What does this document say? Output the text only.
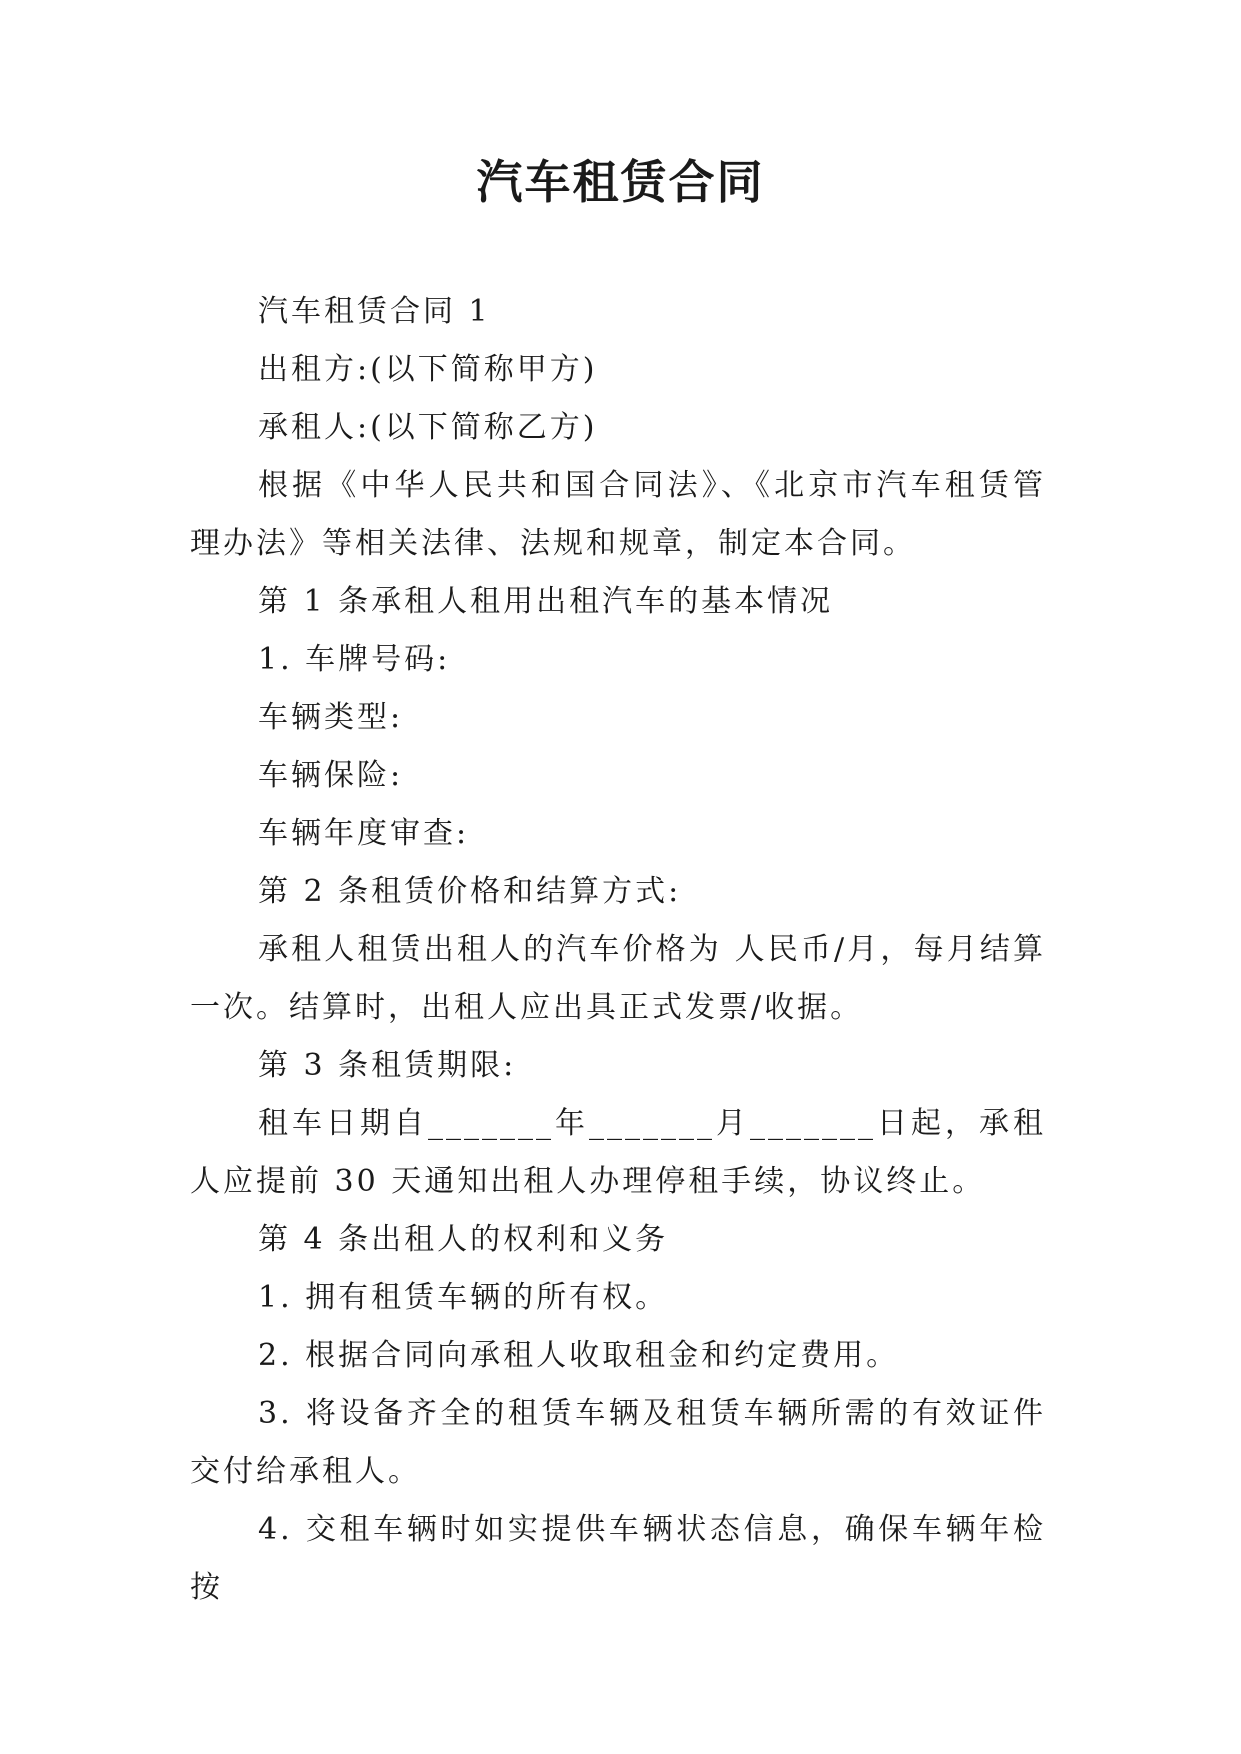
汽车租赁合同

汽车租赁合同 1

出租方:(以下简称甲方)

承租人:(以下简称乙方)

根据《中华人民共和国合同法》、《北京市汽车租赁管理办法》等相关法律、法规和规章，制定本合同。

第 1 条承租人租用出租汽车的基本情况

1. 车牌号码:

车辆类型:

车辆保险:

车辆年度审查:

第 2 条租赁价格和结算方式:

承租人租赁出租人的汽车价格为 人民币/月，每月结算一次。结算时，出租人应出具正式发票/收据。

第 3 条租赁期限:

租车日期自_______年_______月_______日起，承租人应提前 30 天通知出租人办理停租手续，协议终止。

第 4 条出租人的权利和义务

1. 拥有租赁车辆的所有权。

2. 根据合同向承租人收取租金和约定费用。

3. 将设备齐全的租赁车辆及租赁车辆所需的有效证件交付给承租人。

4. 交租车辆时如实提供车辆状态信息，确保车辆年检按
